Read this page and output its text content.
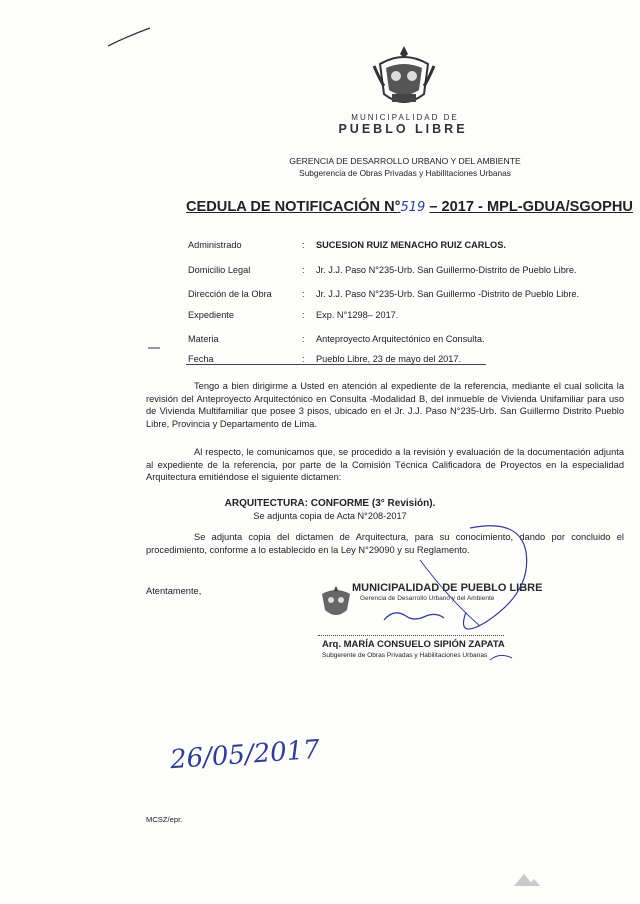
MUNICIPALIDAD DE
PUEBLO LIBRE
GERENCIA DE DESARROLLO URBANO Y DEL AMBIENTE
Subgerencia de Obras Privadas y Habilitaciones Urbanas
CEDULA DE NOTIFICACIÓN N°519 – 2017 - MPL-GDUA/SGOPHU
Administrado	: SUCESION RUIZ MENACHO RUIZ CARLOS.
Domicilio Legal	: Jr. J.J. Paso N°235-Urb. San Guillermo-Distrito de Pueblo Libre.
Dirección de la Obra	: Jr. J.J. Paso N°235-Urb. San Guillermo -Distrito de Pueblo Libre.
Expediente	: Exp. N°1298– 2017.
Materia	: Anteproyecto Arquitectónico en Consulta.
Fecha	: Pueblo Libre, 23 de mayo del 2017.
Tengo a bien dirigirme a Usted en atención al expediente de la referencia, mediante el cual solicita la revisión del Anteproyecto Arquitectónico en Consulta -Modalidad B, del inmueble de Vivienda Unifamiliar para uso de Vivienda Multifamiliar que posee 3 pisos, ubicado en el Jr. J.J. Paso N°235-Urb. San Guillermo Distrito Pueblo Libre, Provincia y Departamento de Lima.
Al respecto, le comunicamos que, se procedido a la revisión y evaluación de la documentación adjunta al expediente de la referencia, por parte de la Comisión Técnica Calificadora de Proyectos en la especialidad Arquitectura emitiéndose el siguiente dictamen:
ARQUITECTURA: CONFORME (3° Revisión).
Se adjunta copia de Acta N°208-2017
Se adjunta copia del dictamen de Arquitectura, para su conocimiento, dando por concluido el procedimiento, conforme a lo establecido en la Ley N°29090 y su Reglamento.
Atentamente,	MUNICIPALIDAD DE PUEBLO LIBRE
Gerencia de Desarrollo Urbano y del Ambiente
Arq. MARÍA CONSUELO SIPIÓN ZAPATA
Subgerente de Obras Privadas y Habilitaciones Urbanas
26/05/2017
MCSZ/epr.
